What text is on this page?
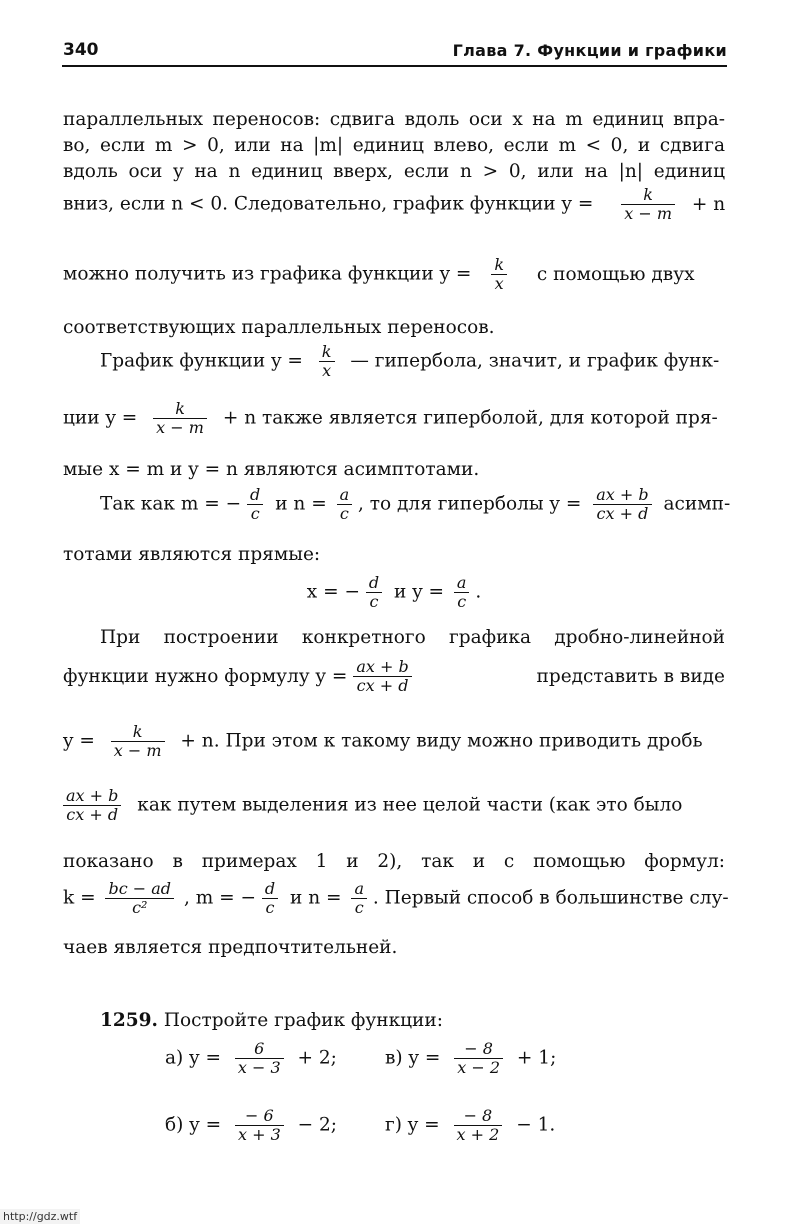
340	Глава 7. Функции и графики
параллельных переносов: сдвига вдоль оси x на m единиц впра-
во, если m > 0, или на |m| единиц влево, если m < 0, и сдвига
вдоль оси y на n единиц вверх, если n > 0, или на |n| единиц
вниз, если n < 0. Следовательно, график функции $y = \frac{k}{x - m} + n$
можно получить из графика функции $y = \frac{k}{x}$ с помощью двух
соответствующих параллельных переносов.
График функции $y = \frac{k}{x}$ — гипербола, значит, и график функ-
ции $y = \frac{k}{x - m} + n$ также является гиперболой, для которой пря-
мые x = m и y = n являются асимптотами.
Так как m = − $\frac{d}{c}$ и $n = \frac{a}{c}$ , то для гиперболы $y = \frac{ax + b}{cx + d}$ асимп-
тотами являются прямые:
x = − $\frac{d}{c}$ и $y = \frac{a}{c}$ .
При построении конкретного графика дробно-линейной
функции нужно формулу $y = \frac{ax + b}{cx + d}$	представить в виде
$y = \frac{k}{x - m} + n$. При этом к такому виду можно приводить дробь
$\frac{ax + b}{cx + d}$ как путем выделения из нее целой части (как это было
показано в примерах 1 и 2), так и с помощью формул:
$k = \frac{bc - ad}{\text{c²}}$ , m = − $\frac{d}{c}$ и $n = \frac{a}{c}$ . Первый способ в большинстве слу-
чаев является предпочтительней.
1259. Постройте график функции:
а) $y = \frac{6}{x - 3} + 2$;	в) $y = \frac{- 8}{x - 2} + 1$;
б) $y = \frac{- 6}{x + 3} - 2$;	г) $y = \frac{- 8}{x + 2} - 1$.
http://gdz.wtf
